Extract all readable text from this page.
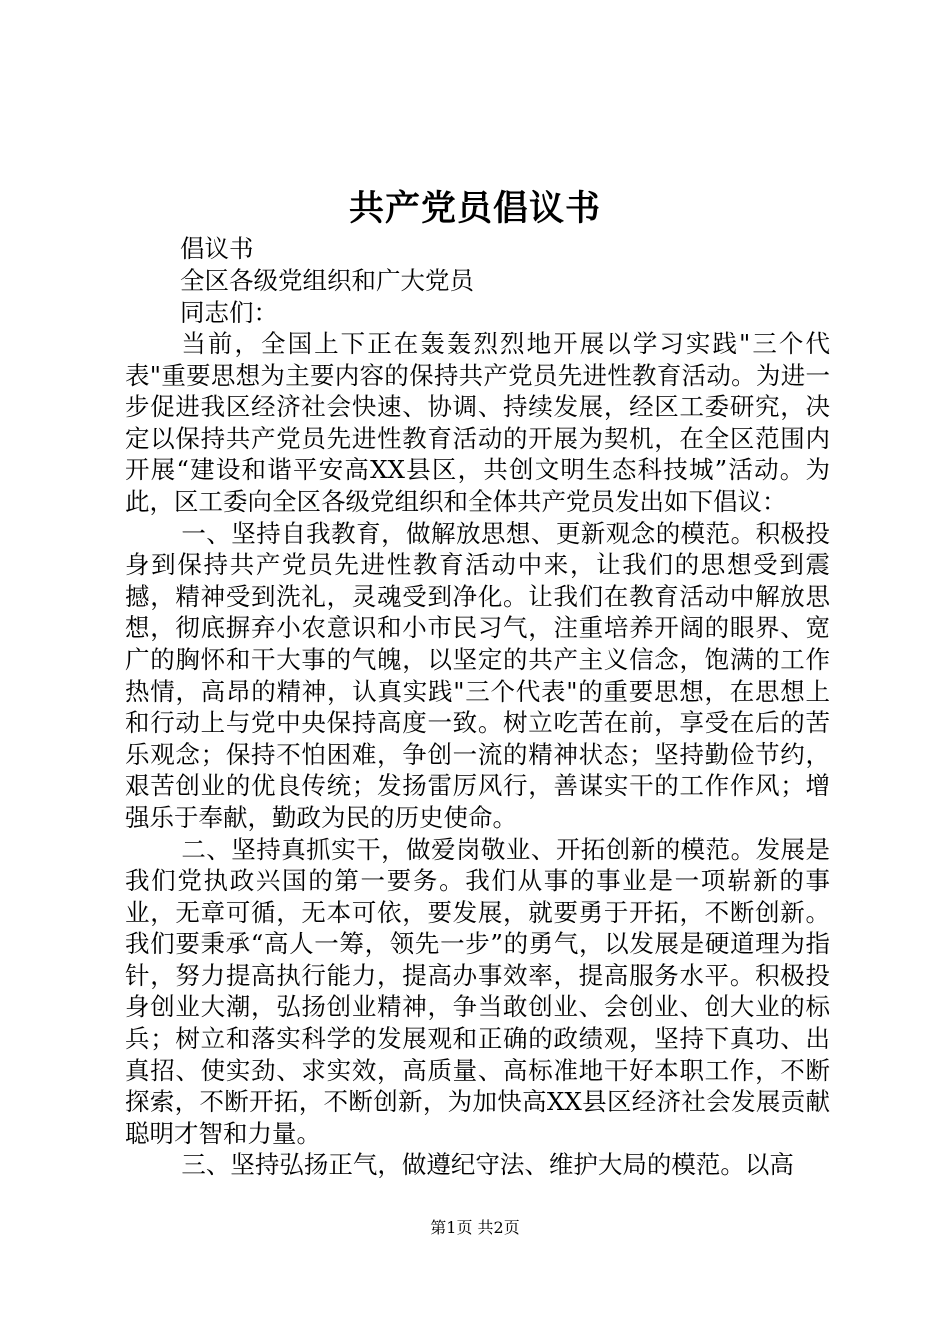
共产党员倡议书
倡议书
全区各级党组织和广大党员
同志们：

当前，全国上下正在轰轰烈烈地开展以学习实践"三个代表"重要思想为主要内容的保持共产党员先进性教育活动。为进一步促进我区经济社会快速、协调、持续发展，经区工委研究，决定以保持共产党员先进性教育活动的开展为契机，在全区范围内开展“建设和谐平安高XX县区，共创文明生态科技城”活动。为此，区工委向全区各级党组织和全体共产党员发出如下倡议：

一、坚持自我教育，做解放思想、更新观念的模范。积极投身到保持共产党员先进性教育活动中来，让我们的思想受到震撼，精神受到洗礼，灵魂受到净化。让我们在教育活动中解放思想，彻底摒弃小农意识和小市民习气，注重培养开阔的眼界、宽广的胸怀和干大事的气魄，以坚定的共产主义信念，饱满的工作热情，高昂的精神，认真实践"三个代表"的重要思想，在思想上和行动上与党中央保持高度一致。树立吃苦在前，享受在后的苦乐观念；保持不怕困难，争创一流的精神状态；坚持勤俭节约，艰苦创业的优良传统；发扬雷厉风行，善谋实干的工作作风；增强乐于奉献，勤政为民的历史使命。

二、坚持真抓实干，做爱岗敬业、开拓创新的模范。发展是我们党执政兴国的第一要务。我们从事的事业是一项崭新的事业，无章可循，无本可依，要发展，就要勇于开拓，不断创新。我们要秉承“高人一筹，领先一步”的勇气，以发展是硬道理为指针，努力提高执行能力，提高办事效率，提高服务水平。积极投身创业大潮，弘扬创业精神，争当敢创业、会创业、创大业的标兵；树立和落实科学的发展观和正确的政绩观，坚持下真功、出真招、使实劲、求实效，高质量、高标准地干好本职工作，不断探索，不断开拓，不断创新，为加快高XX县区经济社会发展贡献聪明才智和力量。

三、坚持弘扬正气，做遵纪守法、维护大局的模范。以高

第1页 共2页
